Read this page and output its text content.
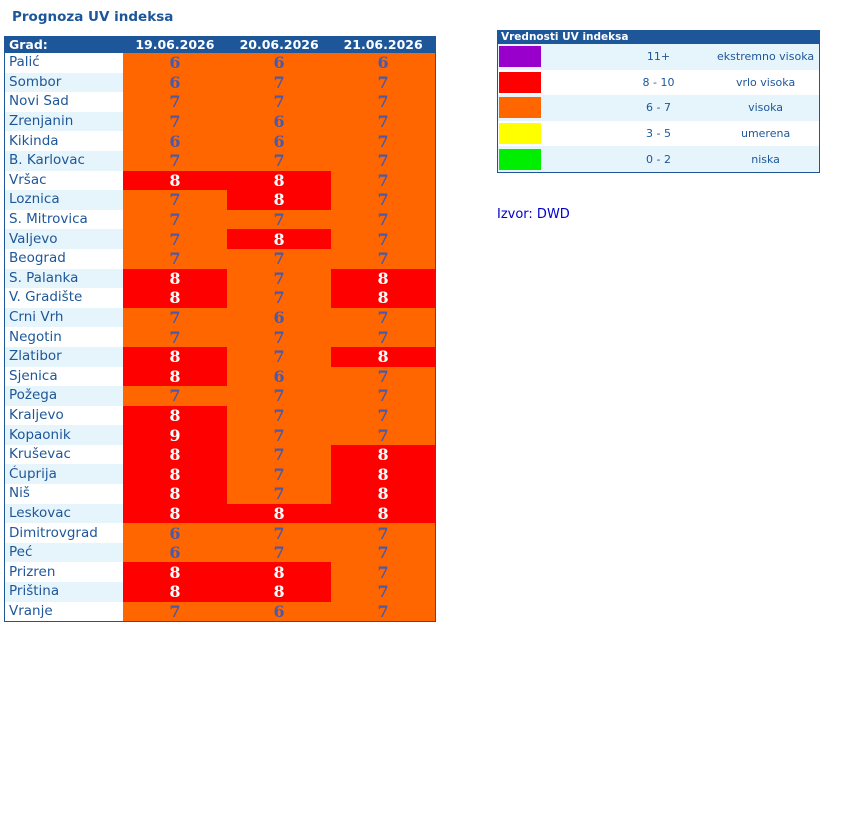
Prognoza UV indeksa
Grad:	19.06.2026	20.06.2026	21.06.2026
Palić	6	6	6
Sombor	6	7	7
Novi Sad	7	7	7
Zrenjanin	7	6	7
Kikinda	6	6	7
B. Karlovac	7	7	7
Vršac	8	8	7
Loznica	7	8	7
S. Mitrovica	7	7	7
Valjevo	7	8	7
Beograd	7	7	7
S. Palanka	8	7	8
V. Gradište	8	7	8
Crni Vrh	7	6	7
Negotin	7	7	7
Zlatibor	8	7	8
Sjenica	8	6	7
Požega	7	7	7
Kraljevo	8	7	7
Kopaonik	9	7	7
Kruševac	8	7	8
Ćuprija	8	7	8
Niš	8	7	8
Leskovac	8	8	8
Dimitrovgrad	6	7	7
Peć	6	7	7
Prizren	8	8	7
Priština	8	8	7
Vranje	7	6	7
Vrednosti UV indeksa		

	11+	ekstremno visoka

	8 - 10	vrlo visoka

	6 - 7	visoka

	3 - 5	umerena

	0 - 2	niska
Izvor: DWD
